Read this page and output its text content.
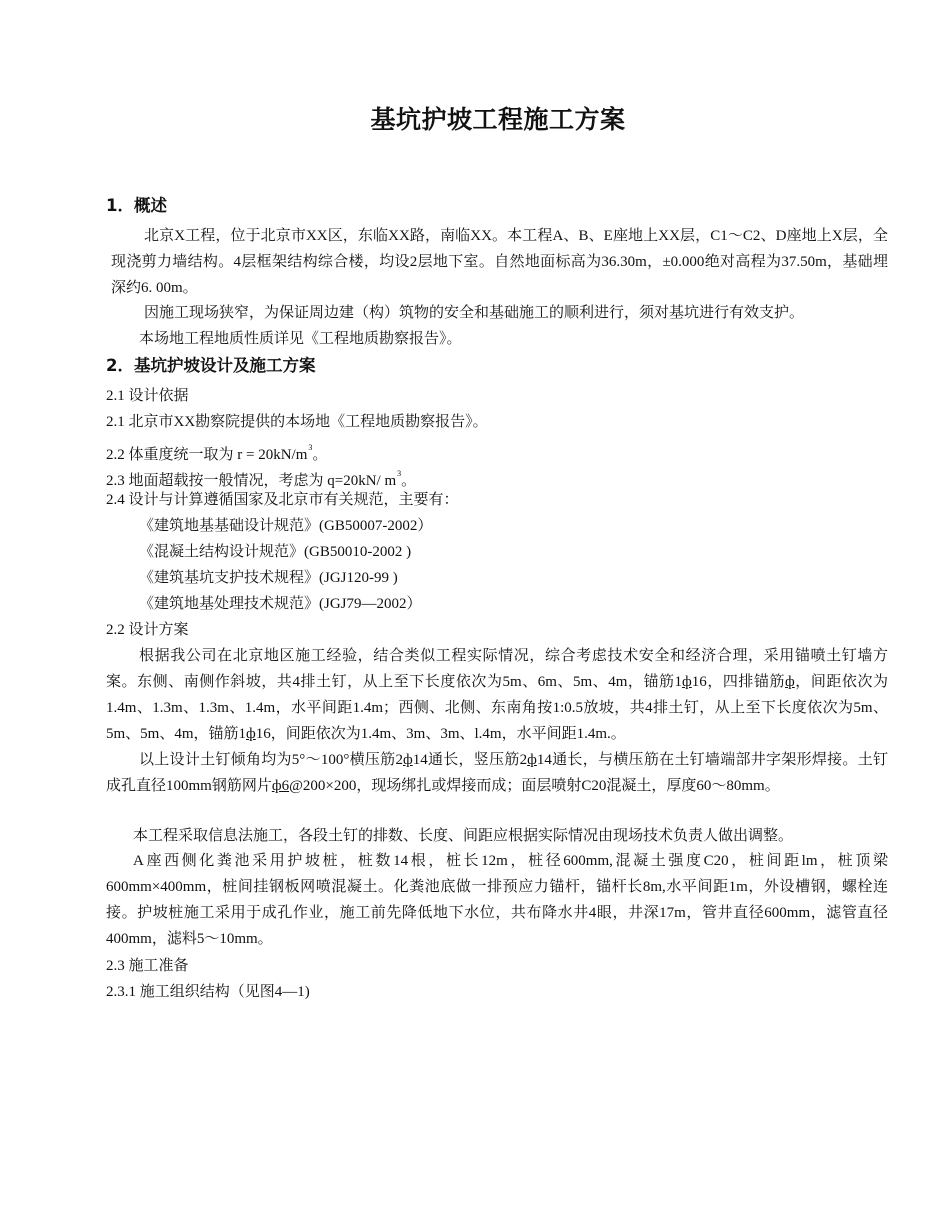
基坑护坡工程施工方案
1．概述
北京X工程，位于北京市XX区，东临XX路，南临XX。本工程A、B、E座地上XX层，C1～C2、D座地上X层，全现浇剪力墙结构。4层框架结构综合楼，均设2层地下室。自然地面标高为36.30m，±0.000绝对高程为37.50m，基础埋深约6. 00m。
因施工现场狭窄，为保证周边建（构）筑物的安全和基础施工的顺利进行，须对基坑进行有效支护。
本场地工程地质性质详见《工程地质勘察报告》。
2．基坑护坡设计及施工方案
2.1 设计依据
2.1 北京市XX勘察院提供的本场地《工程地质勘察报告》。
2.2 体重度统一取为 $r = 20kN/m^3$。
2.3 地面超载按一般情况，考虑为 q=20kN/ $m^3$。
2.4 设计与计算遵循国家及北京市有关规范，主要有：
《建筑地基基础设计规范》(GB50007-2002）
《混凝土结构设计规范》(GB50010-2002 )
《建筑基坑支护技术规程》(JGJ120-99 )
《建筑地基处理技术规范》(JGJ79—2002）
2.2 设计方案
根据我公司在北京地区施工经验，结合类似工程实际情况，综合考虑技术安全和经济合理，采用锚喷土钉墙方案。东侧、南侧作斜坡，共4排土钉，从上至下长度依次为5m、6m、5m、4m，锚筋1ф16，四排锚筋ф，间距依次为1.4m、1.3m、1.3m、1.4m，水平间距1.4m；西侧、北侧、东南角按1:0.5放坡，共4排土钉，从上至下长度依次为5m、5m、5m、4m，锚筋1ф16，间距依次为1.4m、3m、3m、l.4m，水平间距1.4m.。
以上设计土钉倾角均为5°～100°横压筋2ф14通长，竖压筋2ф14通长，与横压筋在土钉墙端部井字架形焊接。土钉成孔直径100mm钢筋网片ф6@200×200，现场绑扎或焊接而成；面层喷射C20混凝土，厚度60～80mm。
本工程采取信息法施工，各段土钉的排数、长度、间距应根据实际情况由现场技术负责人做出调整。
A座西侧化粪池采用护坡桩，桩数14根，桩长12m，桩径600mm,混凝土强度C20，桩间距lm，桩顶梁600mm×400mm，桩间挂钢板网喷混凝土。化粪池底做一排预应力锚杆，锚杆长8m,水平间距1m，外设槽钢，螺栓连接。护坡桩施工采用于成孔作业，施工前先降低地下水位，共布降水井4眼，井深17m，管井直径600mm，滤管直径400mm，滤料5～10mm。
2.3 施工准备
2.3.1 施工组织结构（见图4—1)
